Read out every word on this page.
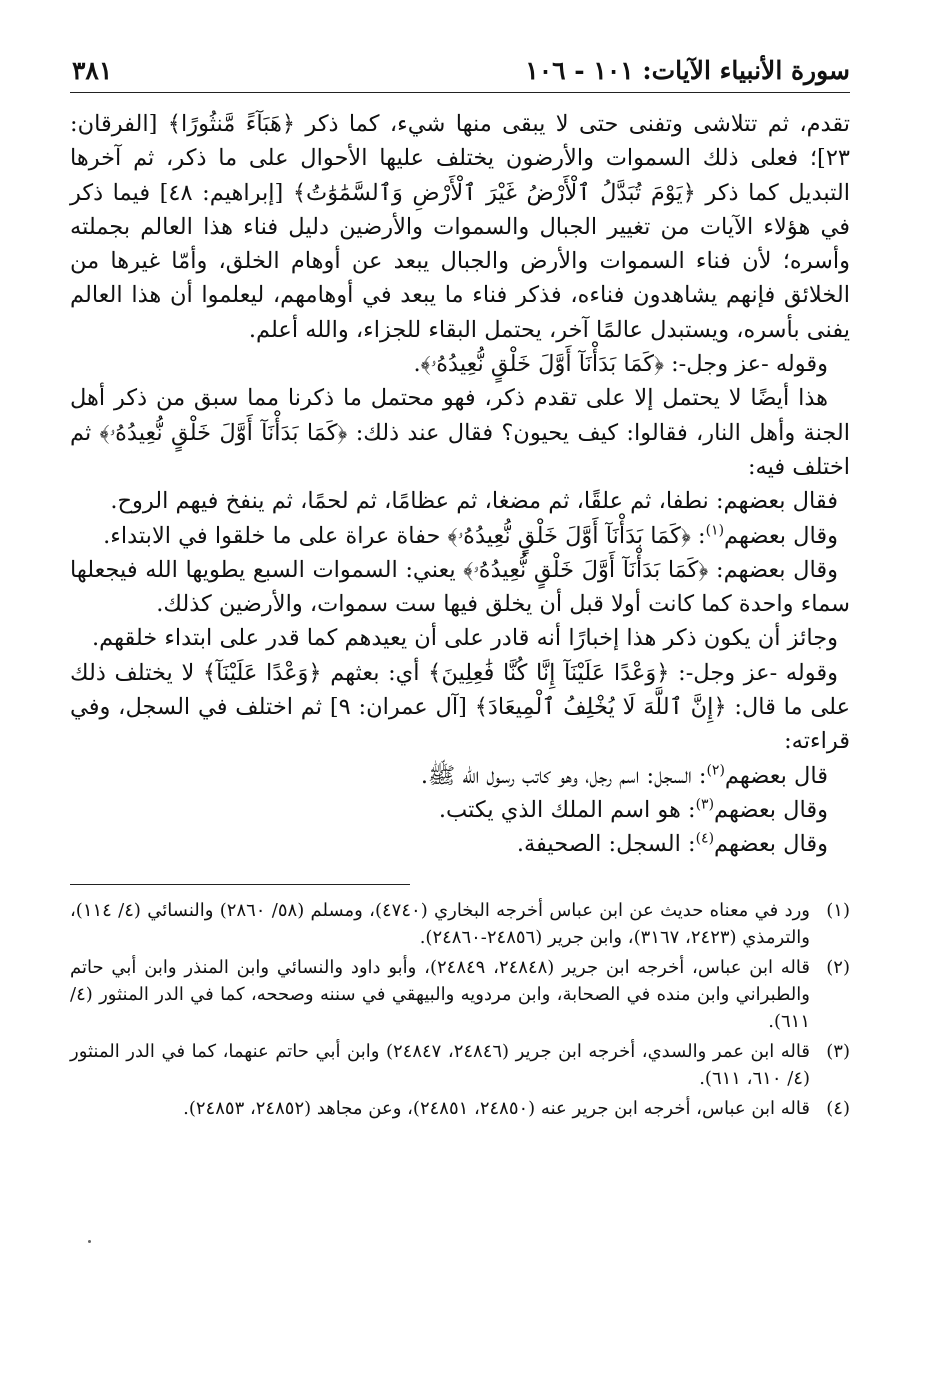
سورة الأنبياء الآيات: ١٠١ - ١٠٦
٣٨١

تقدم، ثم تتلاشى وتفنى حتى لا يبقى منها شيء، كما ذكر ﴿هَبَآءً مَّنثُورًا﴾ [الفرقان: ٢٣]؛ فعلى ذلك السموات والأرضون يختلف عليها الأحوال على ما ذكر، ثم آخرها التبديل كما ذكر ﴿يَوْمَ تُبَدَّلُ ٱلْأَرْضُ غَيْرَ ٱلْأَرْضِ وَٱلسَّمَٰوَٰتُ﴾ [إبراهيم: ٤٨] فيما ذكر في هؤلاء الآيات من تغيير الجبال والسموات والأرضين دليل فناء هذا العالم بجملته وأسره؛ لأن فناء السموات والأرض والجبال يبعد عن أوهام الخلق، وأمّا غيرها من الخلائق فإنهم يشاهدون فناءه، فذكر فناء ما يبعد في أوهامهم، ليعلموا أن هذا العالم يفنى بأسره، ويستبدل عالمًا آخر، يحتمل البقاء للجزاء، والله أعلم.

وقوله -عز وجل-: ﴿كَمَا بَدَأْنَآ أَوَّلَ خَلْقٍ نُّعِيدُهُۥ﴾.

هذا أيضًا لا يحتمل إلا على تقدم ذكر، فهو محتمل ما ذكرنا مما سبق من ذكر أهل الجنة وأهل النار، فقالوا: كيف يحيون؟ فقال عند ذلك: ﴿كَمَا بَدَأْنَآ أَوَّلَ خَلْقٍ نُّعِيدُهُۥ﴾ ثم اختلف فيه:

فقال بعضهم: نطفا، ثم علقًا، ثم مضغا، ثم عظامًا، ثم لحمًا، ثم ينفخ فيهم الروح.

وقال بعضهم$^{(١)}$: ﴿كَمَا بَدَأْنَآ أَوَّلَ خَلْقٍ نُّعِيدُهُۥ﴾ حفاة عراة على ما خلقوا في الابتداء.

وقال بعضهم: ﴿كَمَا بَدَأْنَآ أَوَّلَ خَلْقٍ نُّعِيدُهُۥ﴾ يعني: السموات السبع يطويها الله فيجعلها سماء واحدة كما كانت أولا قبل أن يخلق فيها ست سموات، والأرضين كذلك.

وجائز أن يكون ذكر هذا إخبارًا أنه قادر على أن يعيدهم كما قدر على ابتداء خلقهم.

وقوله -عز وجل-: ﴿وَعْدًا عَلَيْنَآ إِنَّا كُنَّا فَٰعِلِينَ﴾ أي: بعثهم ﴿وَعْدًا عَلَيْنَآ﴾ لا يختلف ذلك على ما قال: ﴿إِنَّ ٱللَّهَ لَا يُخْلِفُ ٱلْمِيعَادَ﴾ [آل عمران: ٩] ثم اختلف في السجل، وفي قراءته:

قال بعضهم$^{(٢)}$: السجل: اسم رجل، وهو كاتب رسول الله ﷺ.

وقال بعضهم$^{(٣)}$: هو اسم الملك الذي يكتب.

وقال بعضهم$^{(٤)}$: السجل: الصحيفة.

(١)
ورد في معناه حديث عن ابن عباس أخرجه البخاري (٤٧٤٠)، ومسلم (٥٨/ ٢٨٦٠) والنسائي (٤/ ١١٤)، والترمذي (٢٤٢٣، ٣١٦٧)، وابن جرير (٢٤٨٥٦-٢٤٨٦٠).
(٢)
قاله ابن عباس، أخرجه ابن جرير (٢٤٨٤٨، ٢٤٨٤٩)، وأبو داود والنسائي وابن المنذر وابن أبي حاتم والطبراني وابن منده في الصحابة، وابن مردويه والبيهقي في سننه وصححه، كما في الدر المنثور (٤/ ٦١١).
(٣)
قاله ابن عمر والسدي، أخرجه ابن جرير (٢٤٨٤٦، ٢٤٨٤٧) وابن أبي حاتم عنهما، كما في الدر المنثور (٤/ ٦١٠، ٦١١).
(٤)
قاله ابن عباس، أخرجه ابن جرير عنه (٢٤٨٥٠، ٢٤٨٥١)، وعن مجاهد (٢٤٨٥٢، ٢٤٨٥٣).
